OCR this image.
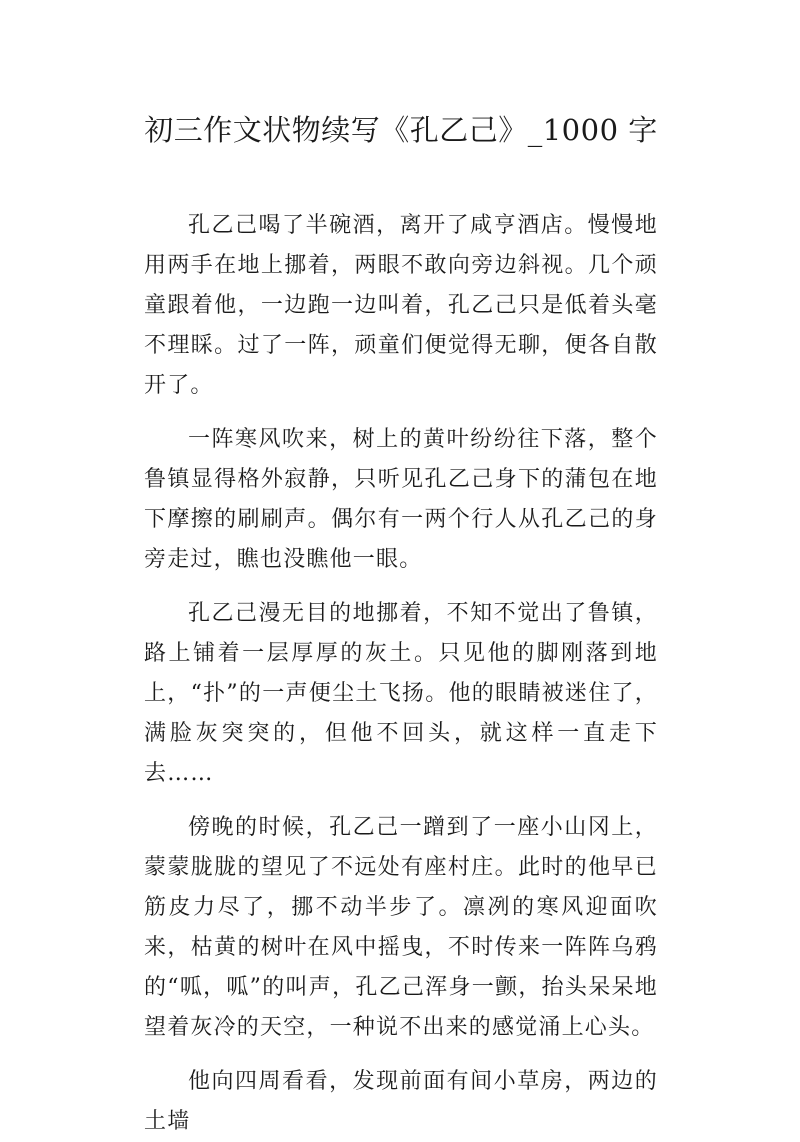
初三作文状物续写《孔乙己》_1000 字

孔乙己喝了半碗酒，离开了咸亨酒店。慢慢地用两手在地上挪着，两眼不敢向旁边斜视。几个顽童跟着他，一边跑一边叫着，孔乙己只是低着头毫不理睬。过了一阵，顽童们便觉得无聊，便各自散开了。

一阵寒风吹来，树上的黄叶纷纷往下落，整个鲁镇显得格外寂静，只听见孔乙己身下的蒲包在地下摩擦的刷刷声。偶尔有一两个行人从孔乙己的身旁走过，瞧也没瞧他一眼。

孔乙己漫无目的地挪着，不知不觉出了鲁镇，路上铺着一层厚厚的灰土。只见他的脚刚落到地上，“扑”的一声便尘土飞扬。他的眼睛被迷住了，满脸灰突突的，但他不回头，就这样一直走下去……

傍晚的时候，孔乙己一蹭到了一座小山冈上，蒙蒙胧胧的望见了不远处有座村庄。此时的他早已筋皮力尽了，挪不动半步了。凛冽的寒风迎面吹来，枯黄的树叶在风中摇曳，不时传来一阵阵乌鸦的“呱，呱”的叫声，孔乙己浑身一颤，抬头呆呆地望着灰冷的天空，一种说不出来的感觉涌上心头。

他向四周看看，发现前面有间小草房，两边的土墙
